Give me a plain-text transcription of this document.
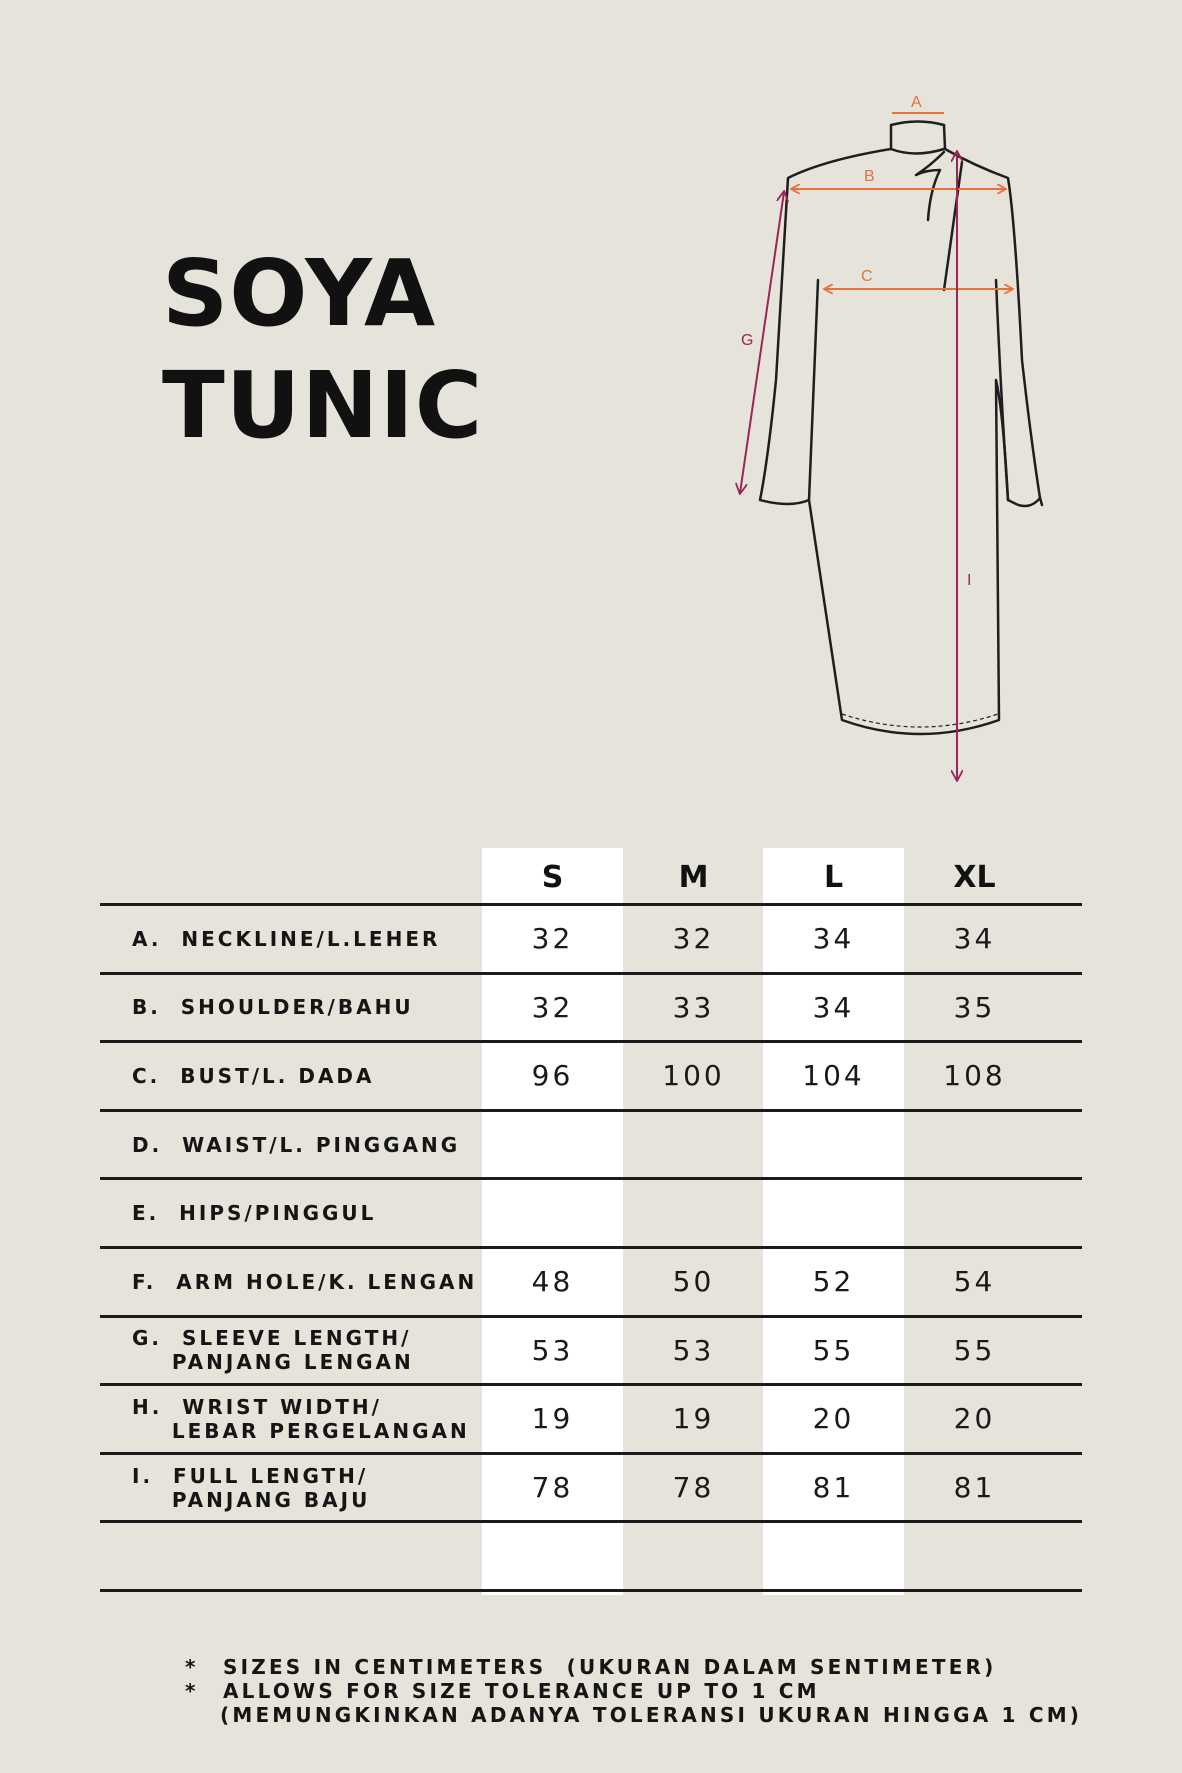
SOYA
TUNIC
A
B
C
G
I
S	M	L	XL
A.  NECKLINE/L.LEHER	32	32	34	34
B.  SHOULDER/BAHU	32	33	34	35
C.  BUST/L. DADA	96	100	104	108
D.  WAIST/L. PINGGANG
E.  HIPS/PINGGUL
F.  ARM HOLE/K. LENGAN	48	50	52	54
G.  SLEEVE LENGTH/
PANJANG LENGAN	53	53	55	55
H.  WRIST WIDTH/
LEBAR PERGELANGAN	19	19	20	20
I.  FULL LENGTH/
PANJANG BAJU	78	78	81	81
*	SIZES IN CENTIMETERS  (UKURAN DALAM SENTIMETER)
*	ALLOWS FOR SIZE TOLERANCE UP TO 1 CM
(MEMUNGKINKAN ADANYA TOLERANSI UKURAN HINGGA 1 CM)
